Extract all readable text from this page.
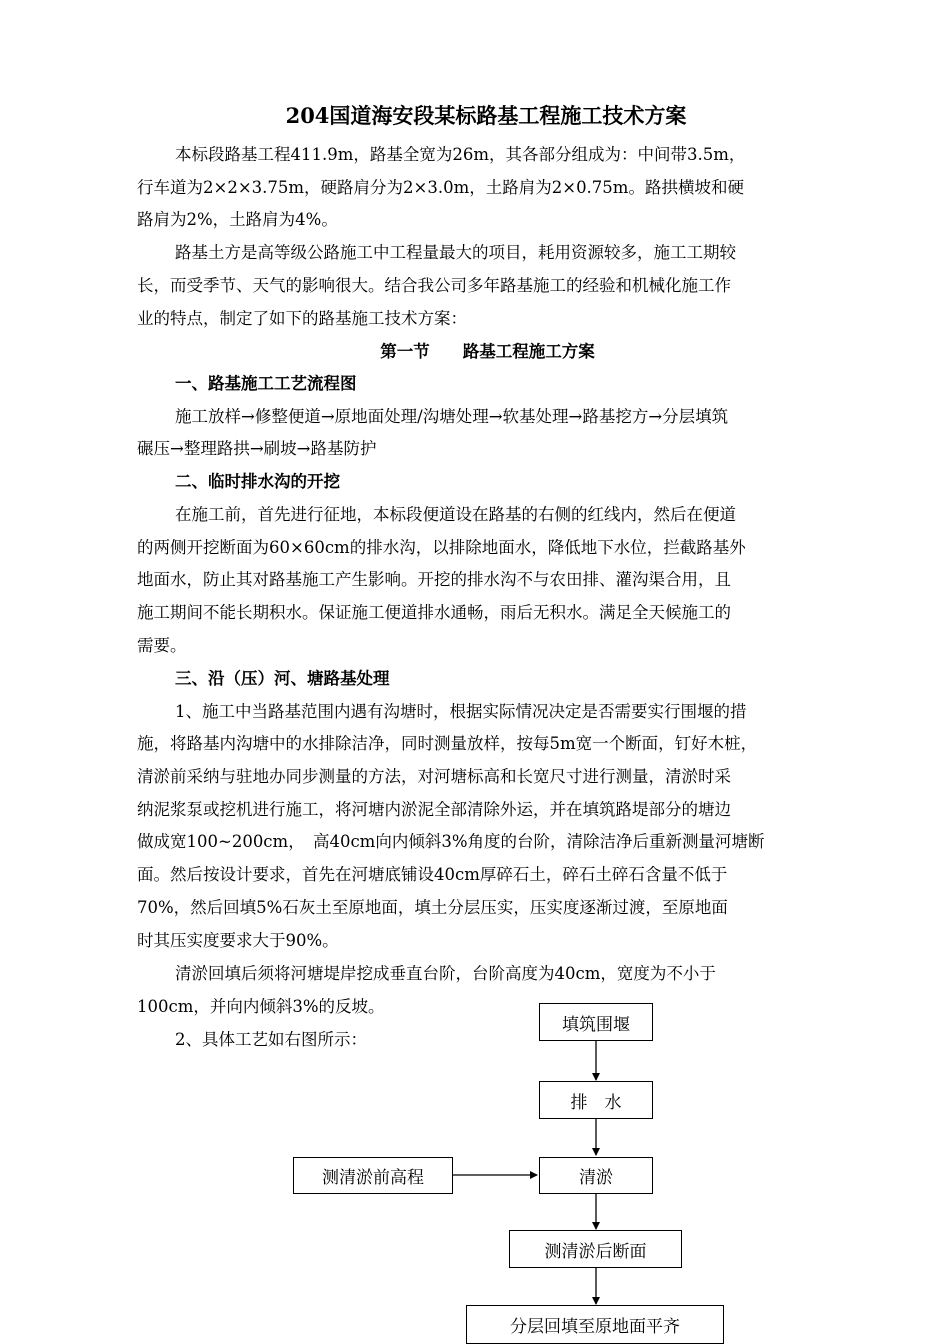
204国道海安段某标路基工程施工技术方案
本标段路基工程411.9m，路基全宽为26m，其各部分组成为：中间带3.5m，
行车道为2×2×3.75m，硬路肩分为2×3.0m，土路肩为2×0.75m。路拱横坡和硬
路肩为2%，土路肩为4%。
路基土方是高等级公路施工中工程量最大的项目，耗用资源较多，施工工期较
长，而受季节、天气的影响很大。结合我公司多年路基施工的经验和机械化施工作
业的特点，制定了如下的路基施工技术方案：
第一节　　路基工程施工方案
一、路基施工工艺流程图
施工放样→修整便道→原地面处理/沟塘处理→软基处理→路基挖方→分层填筑
碾压→整理路拱→刷坡→路基防护
二、临时排水沟的开挖
在施工前，首先进行征地，本标段便道设在路基的右侧的红线内，然后在便道
的两侧开挖断面为60×60cm的排水沟，以排除地面水，降低地下水位，拦截路基外
地面水，防止其对路基施工产生影响。开挖的排水沟不与农田排、灌沟渠合用，且
施工期间不能长期积水。保证施工便道排水通畅，雨后无积水。满足全天候施工的
需要。
三、沿（压）河、塘路基处理
1、施工中当路基范围内遇有沟塘时，根据实际情况决定是否需要实行围堰的措
施，将路基内沟塘中的水排除洁净，同时测量放样，按每5m宽一个断面，钉好木桩，
清淤前采纳与驻地办同步测量的方法，对河塘标高和长宽尺寸进行测量，清淤时采
纳泥浆泵或挖机进行施工，将河塘内淤泥全部清除外运，并在填筑路堤部分的塘边
做成宽100~200cm，　高40cm向内倾斜3%角度的台阶，清除洁净后重新测量河塘断
面。然后按设计要求，首先在河塘底铺设40cm厚碎石土，碎石土碎石含量不低于
70%，然后回填5%石灰土至原地面，填土分层压实，压实度逐渐过渡，至原地面
时其压实度要求大于90%。
清淤回填后须将河塘堤岸挖成垂直台阶，台阶高度为40cm，宽度为不小于
100cm，并向内倾斜3%的反坡。
2、具体工艺如右图所示：
填筑围堰
排　水
清淤
测清淤前高程
测清淤后断面
分层回填至原地面平齐
